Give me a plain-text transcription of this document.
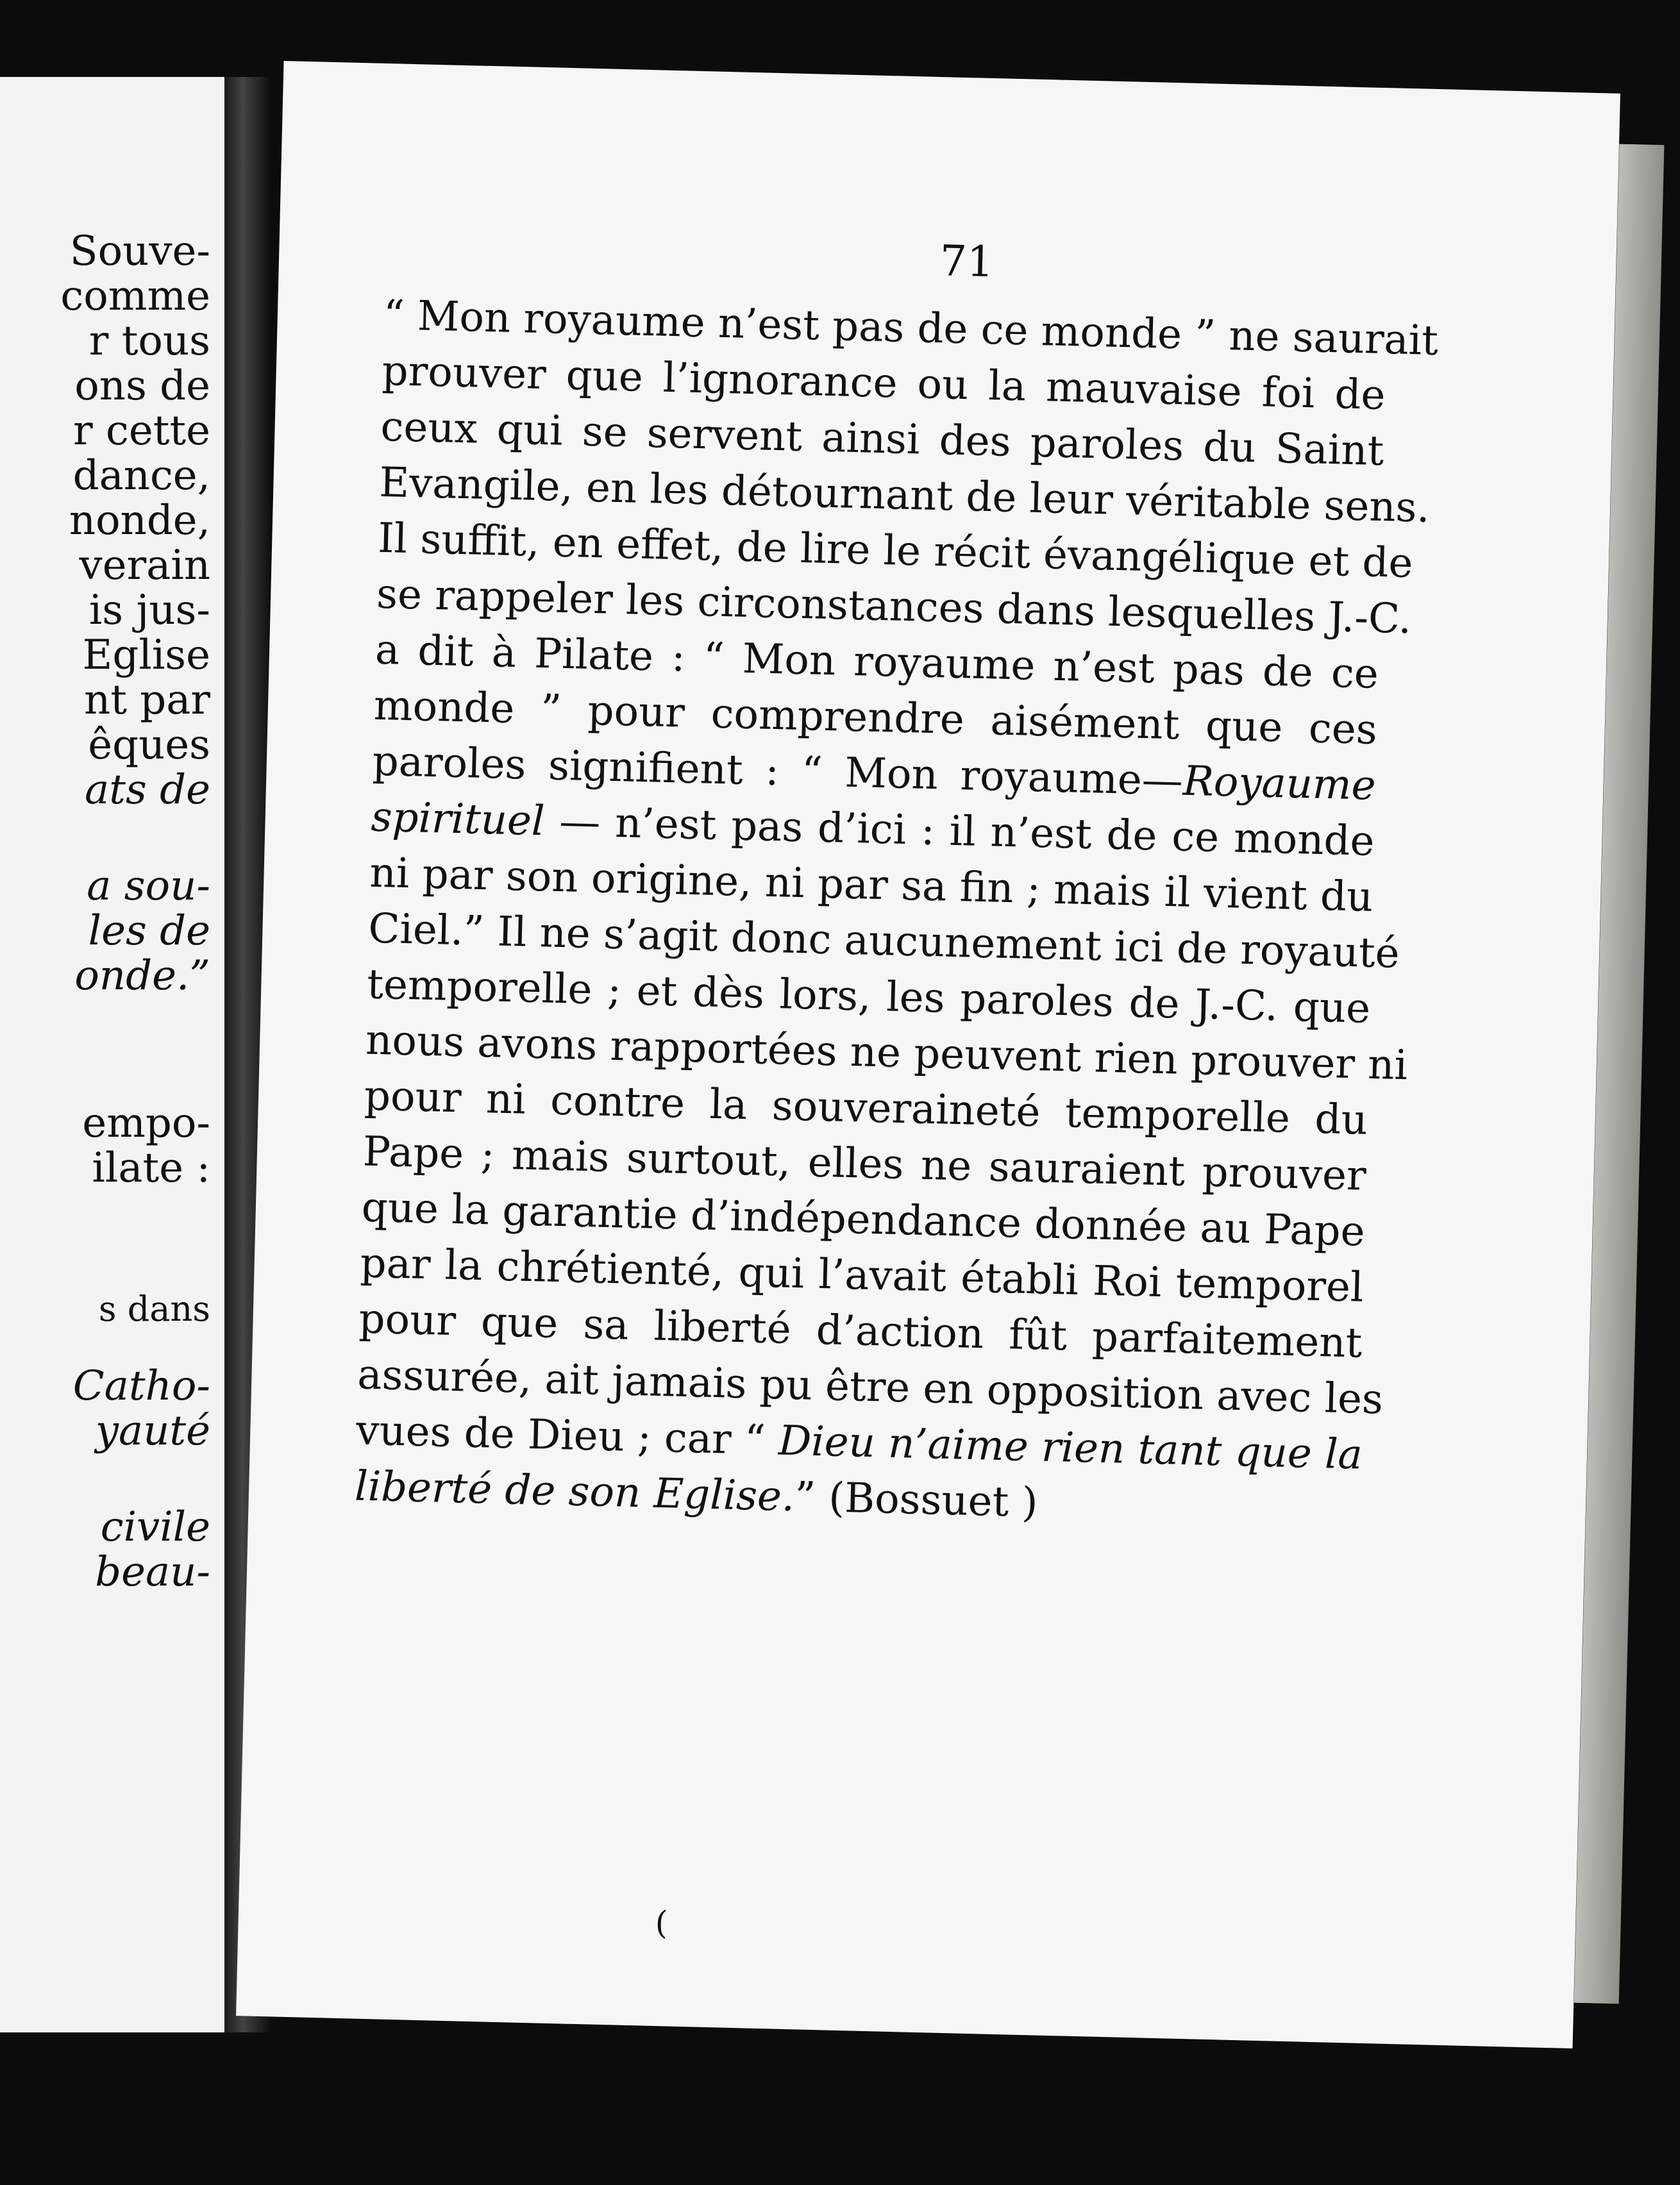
Souve-
comme
r tous
ons de
r cette
dance,
nonde,
verain
is jus-
Eglise
nt par
êques
ats de
a sou-
les de
onde.”
empo-
ilate :
s dans
Catho-
yauté
civile
beau-
71
“ Mon royaume n’est pas de ce monde ” ne saurait
prouver que l’ignorance ou la mauvaise foi de
ceux qui se servent ainsi des paroles du Saint
Evangile, en les détournant de leur véritable sens.
Il suffit, en effet, de lire le récit évangélique et de
se rappeler les circonstances dans lesquelles J.-C.
a dit à Pilate : “ Mon royaume n’est pas de ce
monde ” pour comprendre aisément que ces
paroles signifient : “ Mon royaume—Royaume
spirituel — n’est pas d’ici : il n’est de ce monde
ni par son origine, ni par sa fin ; mais il vient du
Ciel.” Il ne s’agit donc aucunement ici de royauté
temporelle ; et dès lors, les paroles de J.-C. que
nous avons rapportées ne peuvent rien prouver ni
pour ni contre la souveraineté temporelle du
Pape ; mais surtout, elles ne sauraient prouver
que la garantie d’indépendance donnée au Pape
par la chrétienté, qui l’avait établi Roi temporel
pour que sa liberté d’action fût parfaitement
assurée, ait jamais pu être en opposition avec les
vues de Dieu ; car “ Dieu n’aime rien tant que la
liberté de son Eglise.” (Bossuet )
(
